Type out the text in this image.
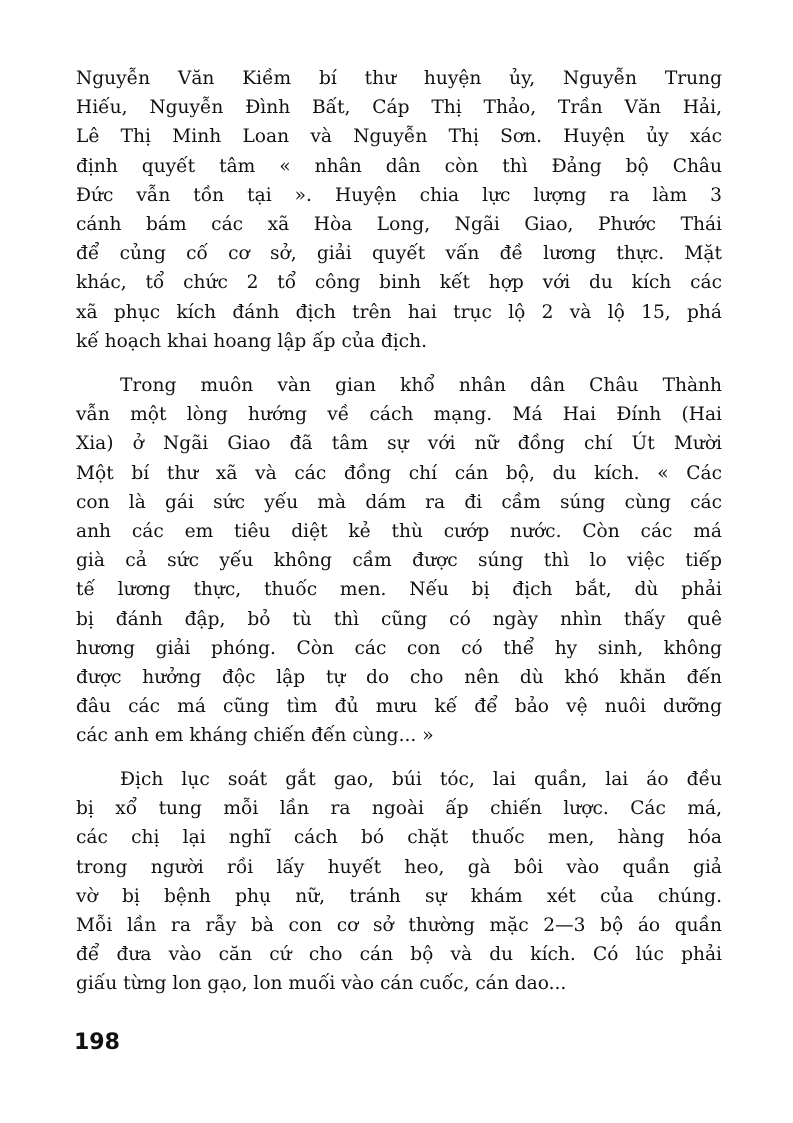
Nguyễn Văn Kiềm bí thư huyện ủy, Nguyễn Trung
Hiếu, Nguyễn Đình Bất, Cáp Thị Thảo, Trần Văn Hải,
Lê Thị Minh Loan và Nguyễn Thị Sơn. Huyện ủy xác
định quyết tâm « nhân dân còn thì Đảng bộ Châu
Đức vẫn tồn tại ». Huyện chia lực lượng ra làm 3
cánh bám các xã Hòa Long, Ngãi Giao, Phước Thái
để củng cố cơ sở, giải quyết vấn đề lương thực. Mặt
khác, tổ chức 2 tổ công binh kết hợp với du kích các
xã phục kích đánh địch trên hai trục lộ 2 và lộ 15, phá
kế hoạch khai hoang lập ấp của địch.
Trong muôn vàn gian khổ nhân dân Châu Thành
vẫn một lòng hướng về cách mạng. Má Hai Đính (Hai
Xia) ở Ngãi Giao đã tâm sự với nữ đồng chí Út Mười
Một bí thư xã và các đồng chí cán bộ, du kích. « Các
con là gái sức yếu mà dám ra đi cầm súng cùng các
anh các em tiêu diệt kẻ thù cướp nước. Còn các má
già cả sức yếu không cầm được súng thì lo việc tiếp
tế lương thực, thuốc men. Nếu bị địch bắt, dù phải
bị đánh đập, bỏ tù thì cũng có ngày nhìn thấy quê
hương giải phóng. Còn các con có thể hy sinh, không
được hưởng độc lập tự do cho nên dù khó khăn đến
đâu các má cũng tìm đủ mưu kế để bảo vệ nuôi dưỡng
các anh em kháng chiến đến cùng... »
Địch lục soát gắt gao, búi tóc, lai quần, lai áo đều
bị xổ tung mỗi lần ra ngoài ấp chiến lược. Các má,
các chị lại nghĩ cách bó chặt thuốc men, hàng hóa
trong người rồi lấy huyết heo, gà bôi vào quần giả
vờ bị bệnh phụ nữ, tránh sự khám xét của chúng.
Mỗi lần ra rẫy bà con cơ sở thường mặc 2—3 bộ áo quần
để đưa vào căn cứ cho cán bộ và du kích. Có lúc phải
giấu từng lon gạo, lon muối vào cán cuốc, cán dao...
198
